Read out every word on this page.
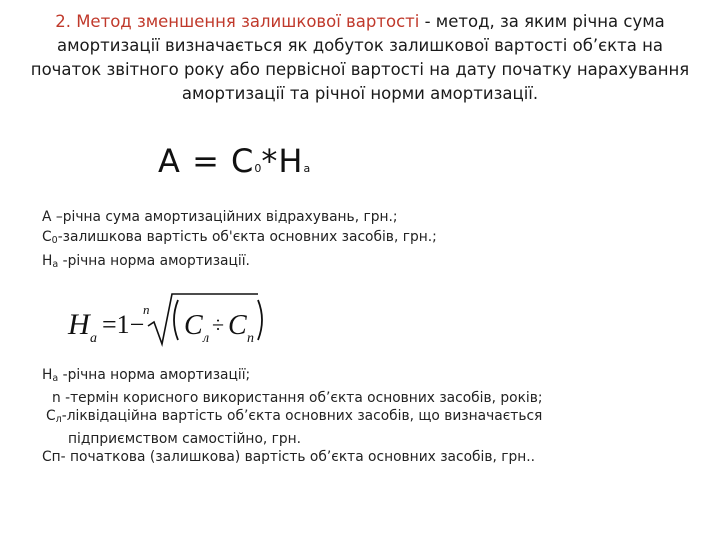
2. Метод зменшення залишкової вартості - метод, за яким річна сума амортизації визначається як добуток залишкової вартості об’єкта на початок звітного року або первісної вартості на дату початку нарахування амортизації та річної норми амортизації.
А = С0*На
А –річна сума амортизаційних відрахувань, грн.;
$С_0$-залишкова вартість об'єкта основних засобів, грн.;
$Н_а$ -річна норма амортизації.
H a =1−
n
C л C n
÷
$Н_а$ -річна норма амортизації;
n -термін корисного використання об’єкта основних засобів, років;
$С_л$-ліквідаційна вартість об’єкта основних засобів, що визначається
підприємством самостійно, грн.
Сп- початкова (залишкова) вартість об’єкта основних засобів, грн..
